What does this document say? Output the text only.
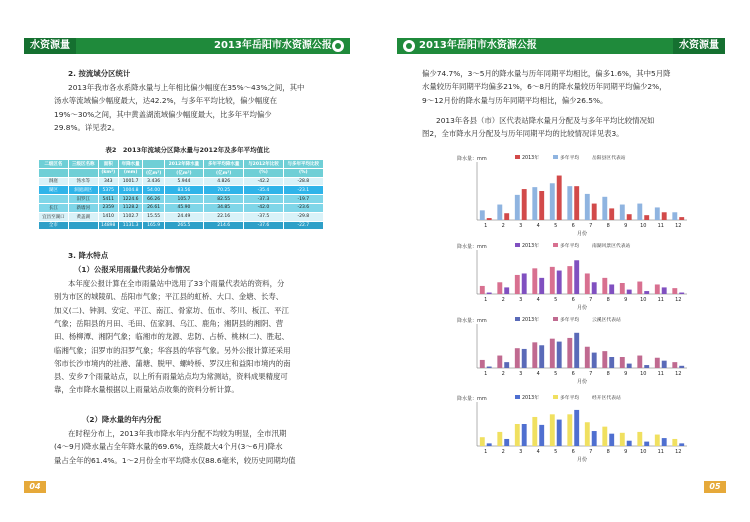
水资源量	2013年岳阳市水资源公报
2. 按流域分区统计
2013年我市各水系降水量与上年相比偏少幅度在35%～43%之间，其中
汤水等流域偏少幅度最大，达42.2%，与多年平均比较，偏少幅度在
19%～30%之间，其中黄盖湖流域偏少幅度最大，比多年平均偏少
29.8%。详见表2。
表2　2013年流域分区降水量与2012年及多年平均值比
二级区名	三级区名称	面积	年降水量		2012年降水量	多年平均降水量	与2012年比较	与多年平均比较
		(km²)	(mm)	(亿m³)	(亿m³)	(亿m³)	(%)	(%)
洞庭	汤水等	343	1001.7	3.436	5.944	4.826	-42.2	-28.8
湖区	洞庭湖区	5375	1004.8	54.00	83.56	70.25	-35.4	-23.1
	汨罗江	5411	1224.6	66.26	105.7	82.55	-37.3	-19.7
长江	新墙河	2359	1128.2	26.61	45.90	34.85	-42.0	-23.6
宜昌至湖口	黄盖湖	1410	1102.7	15.55	24.49	22.16	-37.5	-29.8
全市		14898	1131.3	165.9	265.5	214.6	-37.6	-22.7
3. 降水特点
（1）公报采用雨量代表站分布情况
本年度公报计算在全市雨量站中选用了33个雨量代表站的资料，分
别为市区的城陵矶、岳阳市气象；平江县的虹桥、大口、金塘、长寿、
加义(二)、钟洞、安定、平江、南江、骨家坊、伍市、芩川、板江、平江
气象；岳阳县的月田、毛田、伍家洞、乌江、鹿角；湘阴县的湘阴、营
田、杨柳潭、湘阴气象；临湘市的龙源、忠防、占桥、桃林(二)、胜起、
临湘气象；汨罗市的汨罗气象；华容县的华容气象。另外公报计算还采用
邻市长沙市境内的社港、蒲塘、脱甲、螺岭桥、罗汉庄和益阳市境内的南
县、安乡7个雨量站点，以上所有雨量站点均为常测站，资料成果精度可
靠，全市降水量根据以上雨量站点收集的资料分析计算。
（2）降水量的年内分配
在时程分布上，2013年我市降水年内分配不均较为明显，全市汛期
(4～9月)降水量占全年降水量的69.6%，连续最大4个月(3～6月)降水
量占全年的61.4%。1～2月份全市平均降水仅88.6毫米，较历史同期均值
04
2013年岳阳市水资源公报	水资源量
偏少74.7%，3～5月的降水量与历年同期平均相比，偏多1.6%，其中5月降
水量较历年同期平均偏多21%，6～8月的降水量较历年同期平均偏少2%，
9～12月份的降水量与历年同期平均相比，偏少26.5%。
2013年各县（市）区代表站降水量月分配及与多年平均比较情况如
图2，全市降水月分配及与历年同期平均的比较情况详见表3。
降水量：mm	2013年	多年平均	岳阳县区代表站
1	2	3	4	5	6	7	8	9	10 11 12
月份
降水量：mm	2013年	多年平均	南湖风景区代表站
1	2	3	4	5	6	7	8	9	10 11 12
月份
降水量：mm	2013年	多年平均	云溪区代表站
1	2	3	4	5	6	7	8	9	10 11 12
月份
降水量：mm	2013年	多年平均	经开区代表站
1	2	3	4	5	6	7	8	9	10 11 12
月份
05
